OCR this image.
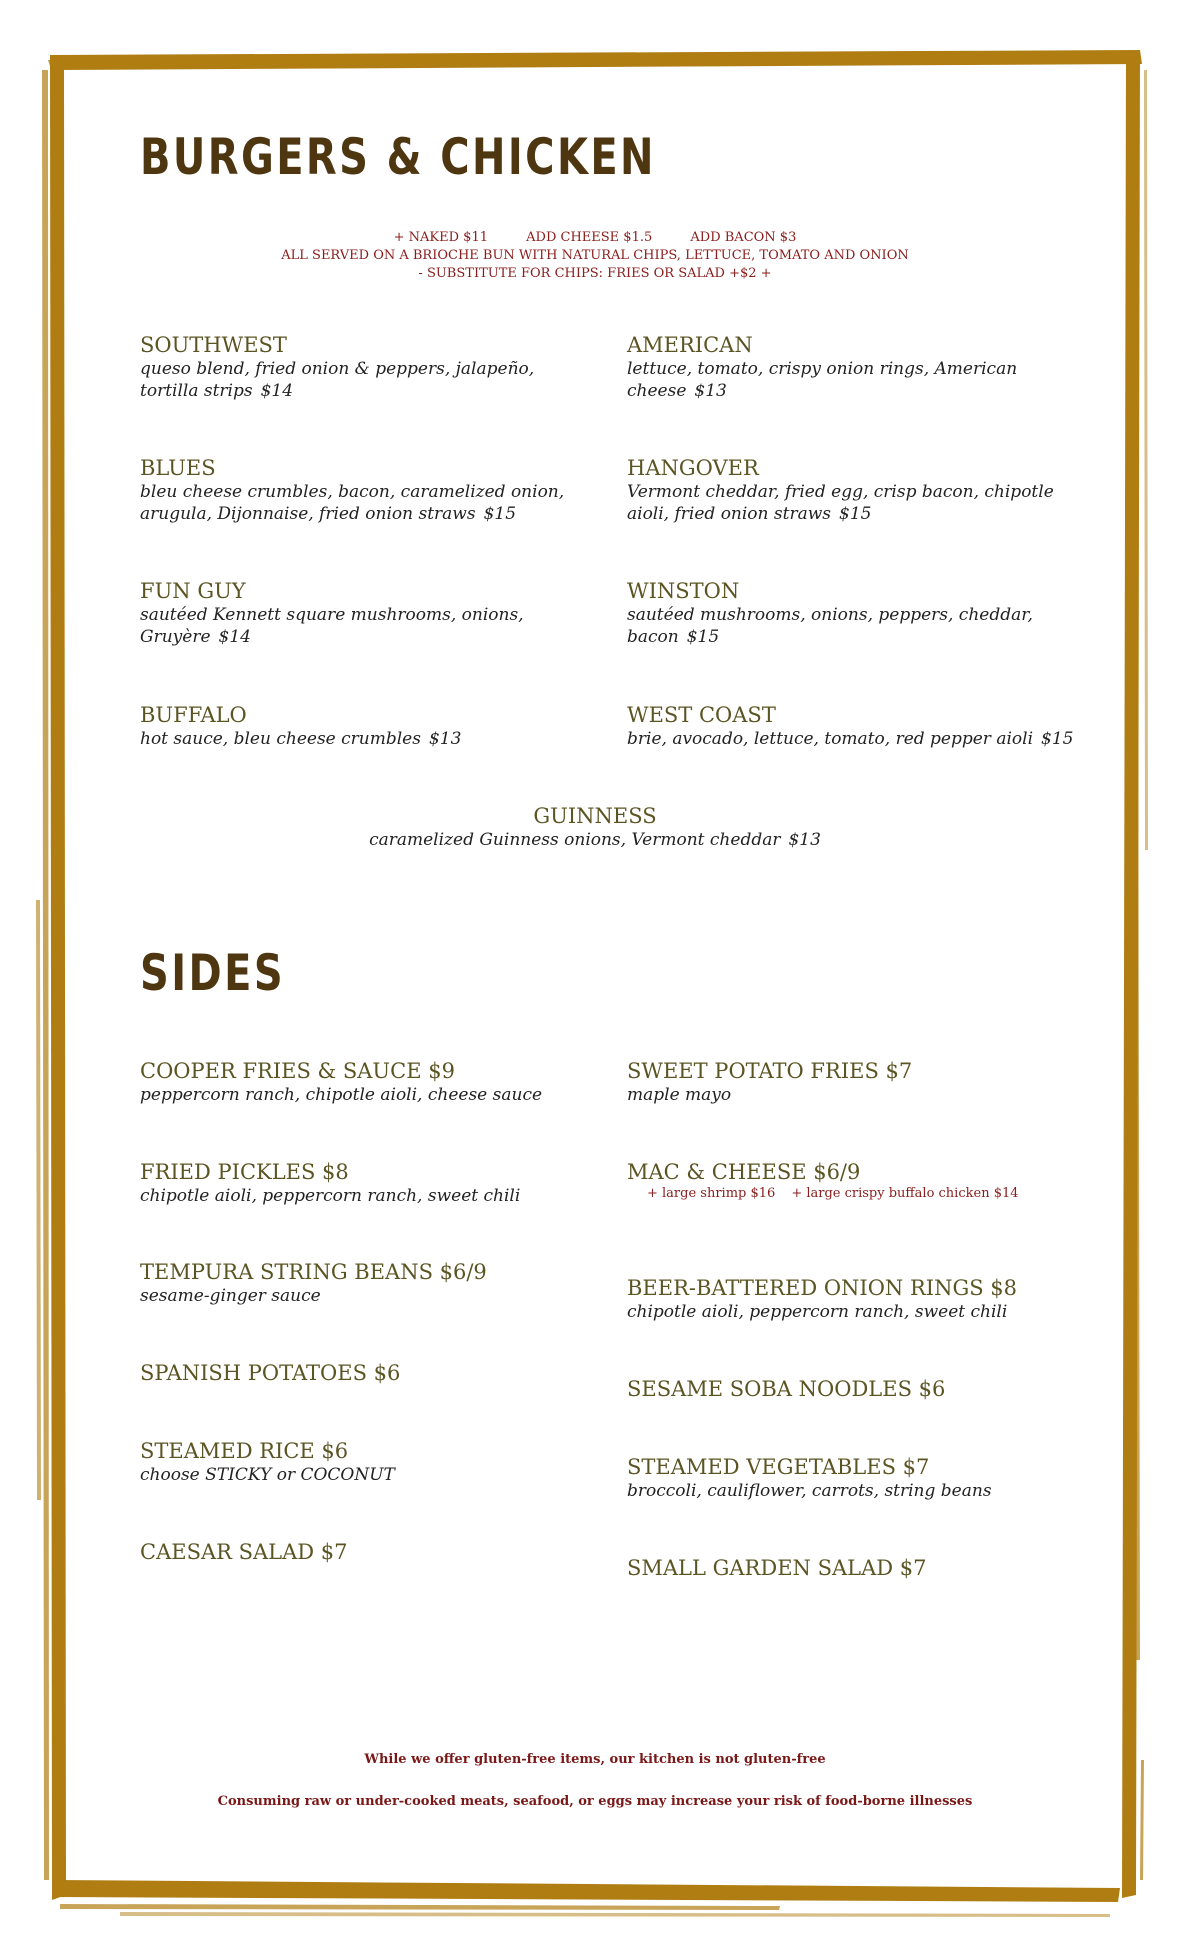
BURGERS & CHICKEN
+ NAKED $11	ADD CHEESE $1.5	ADD BACON $3
ALL SERVED ON A BRIOCHE BUN WITH NATURAL CHIPS, LETTUCE, TOMATO AND ONION
- SUBSTITUTE FOR CHIPS: FRIES OR SALAD +$2 +
SOUTHWEST
queso blend, fried onion & peppers, jalapeño, tortilla strips $14
AMERICAN
lettuce, tomato, crispy onion rings, American cheese $13
BLUES
bleu cheese crumbles, bacon, caramelized onion, arugula, Dijonnaise, fried onion straws $15
HANGOVER
Vermont cheddar, fried egg, crisp bacon, chipotle aioli, fried onion straws $15
FUN GUY
sautéed Kennett square mushrooms, onions, Gruyère $14
WINSTON
sautéed mushrooms, onions, peppers, cheddar, bacon $15
BUFFALO
hot sauce, bleu cheese crumbles $13
WEST COAST
brie, avocado, lettuce, tomato, red pepper aioli $15
GUINNESS
caramelized Guinness onions, Vermont cheddar $13
SIDES
COOPER FRIES & SAUCE $9
peppercorn ranch, chipotle aioli, cheese sauce
SWEET POTATO FRIES $7
maple mayo
FRIED PICKLES $8
chipotle aioli, peppercorn ranch, sweet chili
MAC & CHEESE $6/9
+ large shrimp $16 + large crispy buffalo chicken $14
TEMPURA STRING BEANS $6/9
sesame-ginger sauce	BEER-BATTERED ONION RINGS $8
chipotle aioli, peppercorn ranch, sweet chili
SPANISH POTATOES $6
SESAME SOBA NOODLES $6
STEAMED RICE $6
choose STICKY or COCONUT	STEAMED VEGETABLES $7
broccoli, cauliflower, carrots, string beans
CAESAR SALAD $7
SMALL GARDEN SALAD $7
While we offer gluten-free items, our kitchen is not gluten-free
Consuming raw or under-cooked meats, seafood, or eggs may increase your risk of food-borne illnesses
